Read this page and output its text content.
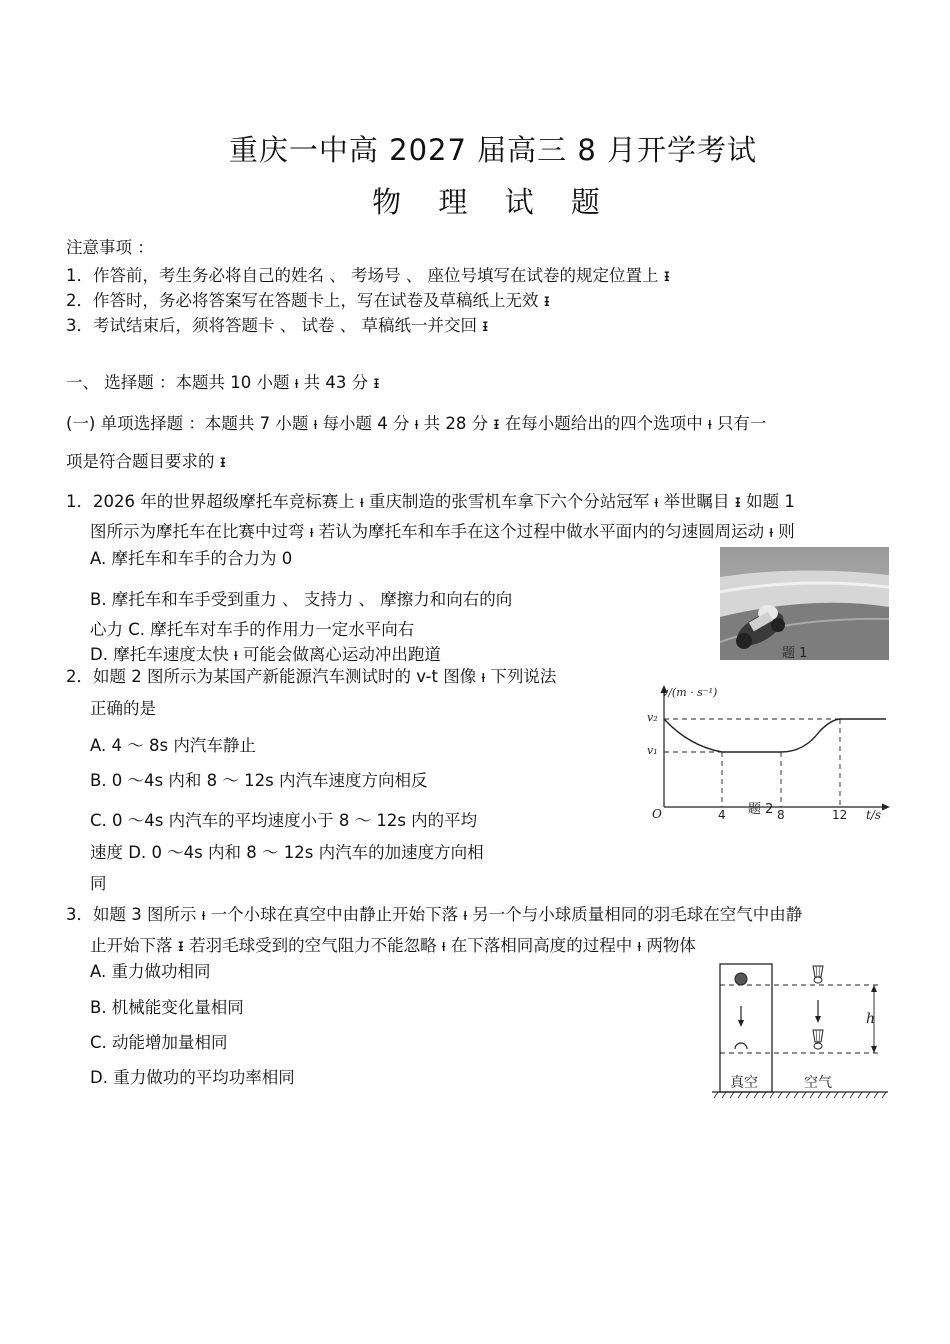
重庆一中高 2027 届高三 8 月开学考试
物 理 试 题
注意事项 ：
1．作答前，考生务必将自己的姓名 、 考场号 、 座位号填写在试卷的规定位置上 ᵻ
2．作答时，务必将答案写在答题卡上，写在试卷及草稿纸上无效 ᵻ
3．考试结束后，须将答题卡 、 试卷 、 草稿纸一并交回 ᵻ
一、 选择题 ：本题共 10 小题 ᵼ 共 43 分 ᵻ
(一) 单项选择题 ：本题共 7 小题 ᵼ 每小题 4 分 ᵼ 共 28 分 ᵻ 在每小题给出的四个选项中 ᵼ 只有一
项是符合题目要求的 ᵻ
1．2026 年的世界超级摩托车竞标赛上 ᵼ 重庆制造的张雪机车拿下六个分站冠军 ᵼ 举世瞩目 ᵻ 如题 1
图所示为摩托车在比赛中过弯 ᵼ 若认为摩托车和车手在这个过程中做水平面内的匀速圆周运动 ᵼ 则
A. 摩托车和车手的合力为 0
B. 摩托车和车手受到重力 、 支持力 、 摩擦力和向右的向
心力 C. 摩托车对车手的作用力一定水平向右
D. 摩托车速度太快 ᵼ 可能会做离心运动冲出跑道	题 1
2．如题 2 图所示为某国产新能源汽车测试时的 v-t 图像 ᵼ 下列说法
正确的是
A. 4 ～ 8s 内汽车静止
B. 0 ～4s 内和 8 ～ 12s 内汽车速度方向相反
C. 0 ～4s 内汽车的平均速度小于 8 ～ 12s 内的平均
速度 D. 0 ～4s 内和 8 ～ 12s 内汽车的加速度方向相
同
v/(m · s⁻¹)
v₂
v₁
O	4	8	12 t/s
题 2
3．如题 3 图所示 ᵼ 一个小球在真空中由静止开始下落 ᵼ 另一个与小球质量相同的羽毛球在空气中由静
止开始下落 ᵻ 若羽毛球受到的空气阻力不能忽略 ᵼ 在下落相同高度的过程中 ᵼ 两物体
A. 重力做功相同
B. 机械能变化量相同
C. 动能增加量相同
D. 重力做功的平均功率相同
h
真空	空气
